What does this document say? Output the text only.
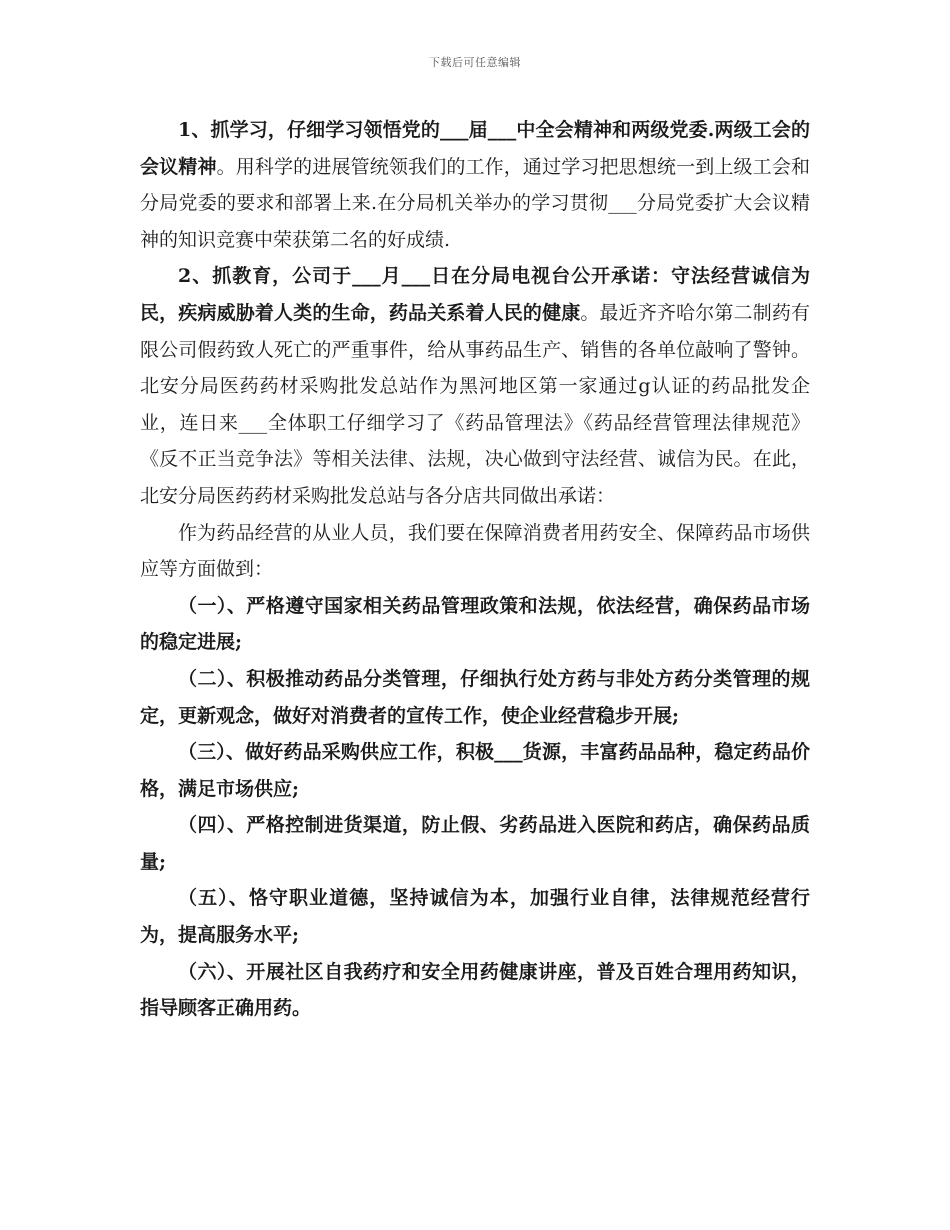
下载后可任意编辑

1、抓学习，仔细学习领悟党的___届___中全会精神和两级党委.两级工会的会议精神。用科学的进展管统领我们的工作，通过学习把思想统一到上级工会和分局党委的要求和部署上来.在分局机关举办的学习贯彻___分局党委扩大会议精神的知识竞赛中荣获第二名的好成绩.

2、抓教育，公司于___月___日在分局电视台公开承诺：守法经营诚信为民，疾病威胁着人类的生命，药品关系着人民的健康。最近齐齐哈尔第二制药有限公司假药致人死亡的严重事件，给从事药品生产、销售的各单位敲响了警钟。北安分局医药药材采购批发总站作为黑河地区第一家通过g认证的药品批发企业，连日来___全体职工仔细学习了《药品管理法》《药品经营管理法律规范》《反不正当竞争法》等相关法律、法规，决心做到守法经营、诚信为民。在此，北安分局医药药材采购批发总站与各分店共同做出承诺：

作为药品经营的从业人员，我们要在保障消费者用药安全、保障药品市场供应等方面做到：

（一）、严格遵守国家相关药品管理政策和法规，依法经营，确保药品市场的稳定进展;

（二）、积极推动药品分类管理，仔细执行处方药与非处方药分类管理的规定，更新观念，做好对消费者的宣传工作，使企业经营稳步开展;

（三）、做好药品采购供应工作，积极___货源，丰富药品品种，稳定药品价格，满足市场供应;

（四）、严格控制进货渠道，防止假、劣药品进入医院和药店，确保药品质量;

（五）、恪守职业道德，坚持诚信为本，加强行业自律，法律规范经营行为，提高服务水平;

（六）、开展社区自我药疗和安全用药健康讲座，普及百姓合理用药知识，指导顾客正确用药。
